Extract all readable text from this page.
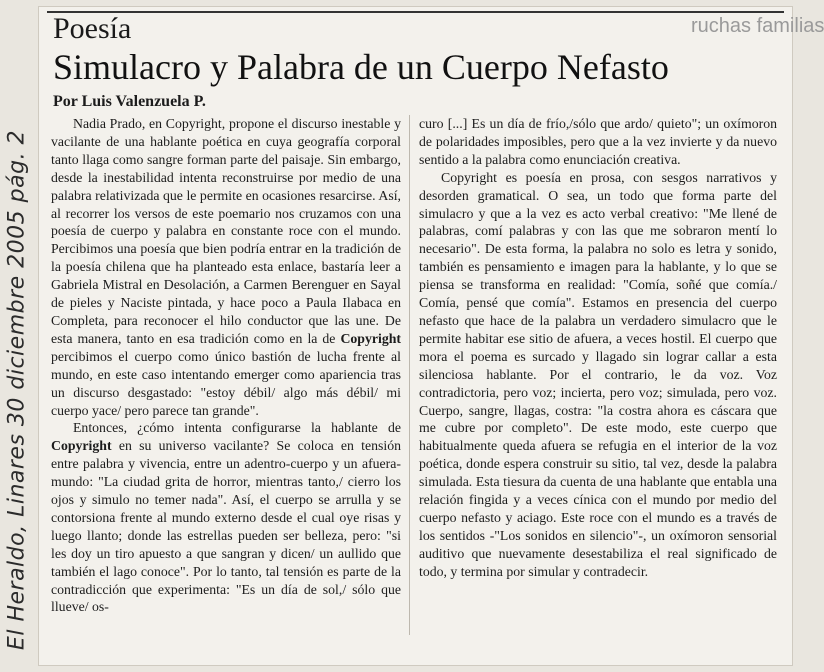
El Heraldo, Linares 30 diciembre 2005 pág. 2
ruchas familias
Poesía
Simulacro y Palabra de un Cuerpo Nefasto
Por Luis Valenzuela P.

Nadia Prado, en Copyright, propone el discurso inestable y vacilante de una hablante poética en cuya geografía corporal tanto llaga como sangre forman parte del paisaje. Sin embargo, desde la inestabilidad intenta reconstruirse por medio de una palabra relativizada que le permite en ocasiones resarcirse. Así, al recorrer los versos de este poemario nos cruzamos con una poesía de cuerpo y palabra en constante roce con el mundo. Percibimos una poesía que bien podría entrar en la tradición de la poesía chilena que ha planteado esta enlace, bastaría leer a Gabriela Mistral en Desolación, a Carmen Berenguer en Sayal de pieles y Naciste pintada, y hace poco a Paula Ilabaca en Completa, para reconocer el hilo conductor que las une. De esta manera, tanto en esa tradición como en la de Copyright percibimos el cuerpo como único bastión de lucha frente al mundo, en este caso intentando emerger como apariencia tras un discurso desgastado: "estoy débil/ algo más débil/ mi cuerpo yace/ pero parece tan grande".

Entonces, ¿cómo intenta configurarse la hablante de Copyright en su universo vacilante? Se coloca en tensión entre palabra y vivencia, entre un adentro-cuerpo y un afuera-mundo: "La ciudad grita de horror, mientras tanto,/ cierro los ojos y simulo no temer nada". Así, el cuerpo se arrulla y se contorsiona frente al mundo externo desde el cual oye risas y luego llanto; donde las estrellas pueden ser belleza, pero: "si les doy un tiro apuesto a que sangran y dicen/ un aullido que también el lago conoce". Por lo tanto, tal tensión es parte de la contradicción que experimenta: "Es un día de sol,/ sólo que llueve/ os-

curo [...] Es un día de frío,/sólo que ardo/ quieto"; un oxímoron de polaridades imposibles, pero que a la vez invierte y da nuevo sentido a la palabra como enunciación creativa.

Copyright es poesía en prosa, con sesgos narrativos y desorden gramatical. O sea, un todo que forma parte del simulacro y que a la vez es acto verbal creativo: "Me llené de palabras, comí palabras y con las que me sobraron mentí lo necesario". De esta forma, la palabra no solo es letra y sonido, también es pensamiento e imagen para la hablante, y lo que se piensa se transforma en realidad: "Comía, soñé que comía./ Comía, pensé que comía". Estamos en presencia del cuerpo nefasto que hace de la palabra un verdadero simulacro que le permite habitar ese sitio de afuera, a veces hostil. El cuerpo que mora el poema es surcado y llagado sin lograr callar a esta silenciosa hablante. Por el contrario, le da voz. Voz contradictoria, pero voz; incierta, pero voz; simulada, pero voz. Cuerpo, sangre, llagas, costra: "la costra ahora es cáscara que me cubre por completo". De este modo, este cuerpo que habitualmente queda afuera se refugia en el interior de la voz poética, donde espera construir su sitio, tal vez, desde la palabra simulada. Esta tiesura da cuenta de una hablante que entabla una relación fingida y a veces cínica con el mundo por medio del cuerpo nefasto y aciago. Este roce con el mundo es a través de los sentidos -"Los sonidos en silencio"-, un oxímoron sensorial auditivo que nuevamente desestabiliza el real significado de todo, y termina por simular y contradecir.
